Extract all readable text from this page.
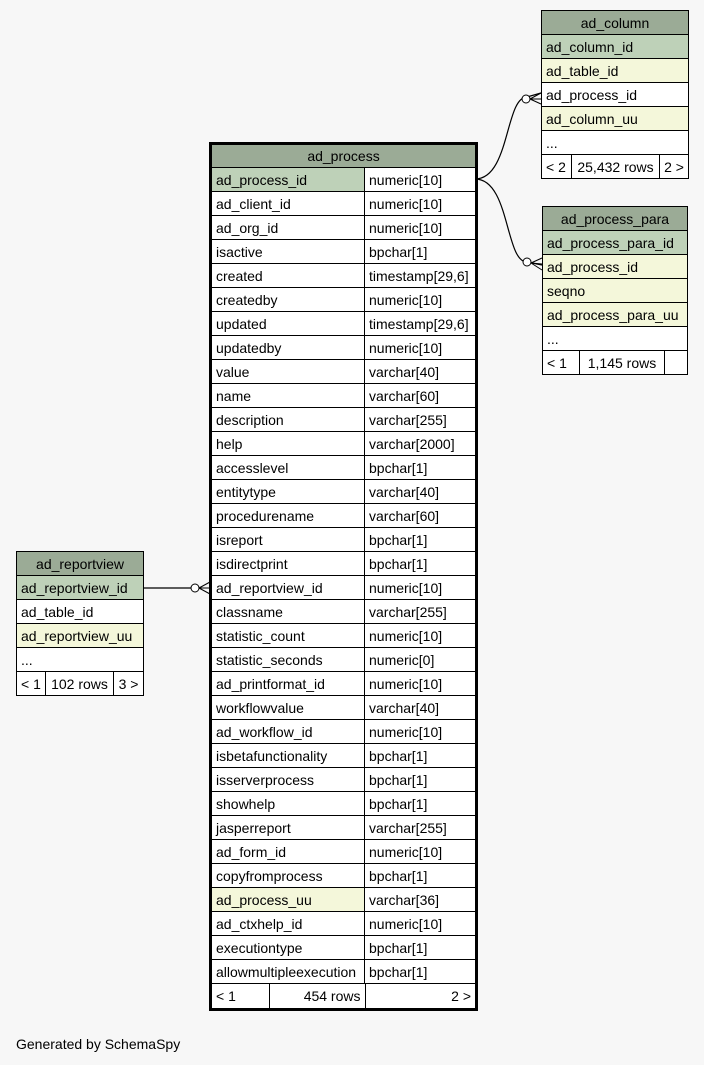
ad_process
ad_process_id	numeric[10]
ad_client_id	numeric[10]
ad_org_id	numeric[10]
isactive	bpchar[1]
created	timestamp[29,6]
createdby	numeric[10]
updated	timestamp[29,6]
updatedby	numeric[10]
value	varchar[40]
name	varchar[60]
description	varchar[255]
help	varchar[2000]
accesslevel	bpchar[1]
entitytype	varchar[40]
procedurename	varchar[60]
isreport	bpchar[1]
isdirectprint	bpchar[1]
ad_reportview_id	numeric[10]
classname	varchar[255]
statistic_count	numeric[10]
statistic_seconds	numeric[0]
ad_printformat_id	numeric[10]
workflowvalue	varchar[40]
ad_workflow_id	numeric[10]
isbetafunctionality	bpchar[1]
isserverprocess	bpchar[1]
showhelp	bpchar[1]
jasperreport	varchar[255]
ad_form_id	numeric[10]
copyfromprocess	bpchar[1]
ad_process_uu	varchar[36]
ad_ctxhelp_id	numeric[10]
executiontype	bpchar[1]
allowmultipleexecution	bpchar[1]

< 1	454 rows	2 >
ad_column
ad_column_id
ad_table_id
ad_process_id
ad_column_uu
...
< 2	25,432 rows	2 >
ad_process_para
ad_process_para_id
ad_process_id
seqno
ad_process_para_uu
...
< 1	1,145 rows	
ad_reportview
ad_reportview_id
ad_table_id
ad_reportview_uu
...
< 1	102 rows	3 >
Generated by SchemaSpy
